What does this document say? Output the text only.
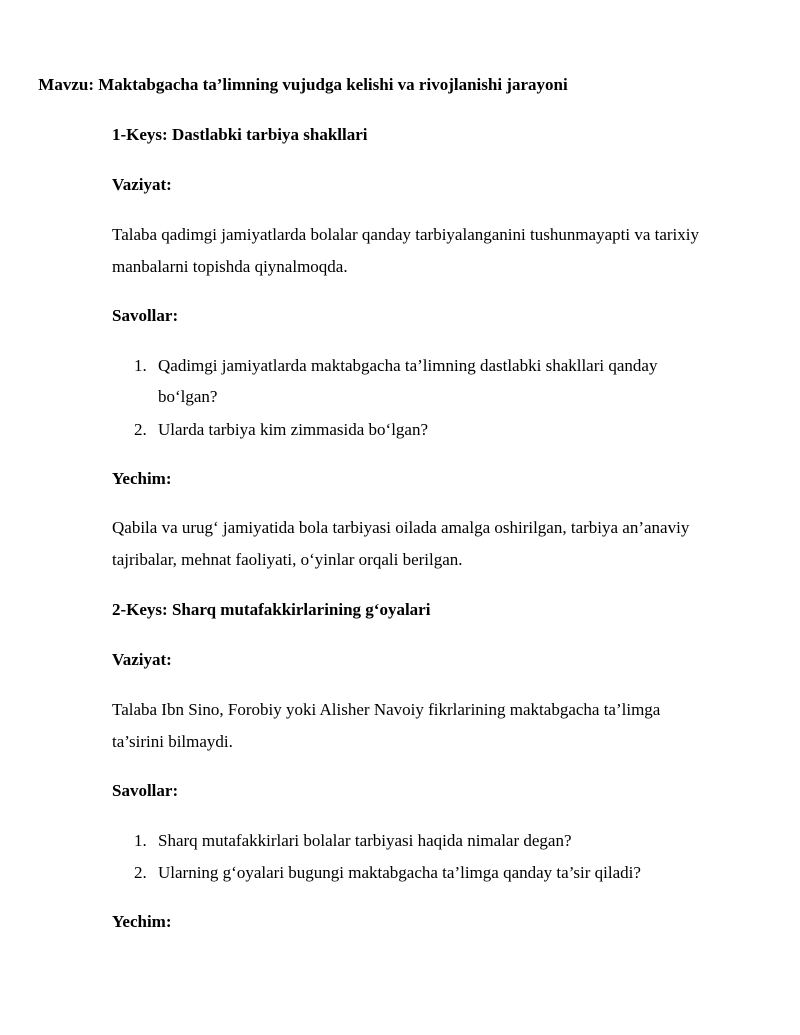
Mavzu: Maktabgacha ta’limning vujudga kelishi va rivojlanishi jarayoni

1-Keys: Dastlabki tarbiya shakllari

Vaziyat:

Talaba qadimgi jamiyatlarda bolalar qanday tarbiyalanganini tushunmayapti va tarixiy

manbalarni topishda qiynalmoqda.

Savollar:

1. Qadimgi jamiyatlarda maktabgacha ta’limning dastlabki shakllari qanday
bo‘lgan?
2. Ularda tarbiya kim zimmasida bo‘lgan?

Yechim:

Qabila va urug‘ jamiyatida bola tarbiyasi oilada amalga oshirilgan, tarbiya an’anaviy

tajribalar, mehnat faoliyati, o‘yinlar orqali berilgan.

2-Keys: Sharq mutafakkirlarining g‘oyalari

Vaziyat:

Talaba Ibn Sino, Forobiy yoki Alisher Navoiy fikrlarining maktabgacha ta’limga

ta’sirini bilmaydi.

Savollar:

1. Sharq mutafakkirlari bolalar tarbiyasi haqida nimalar degan?
2. Ularning g‘oyalari bugungi maktabgacha ta’limga qanday ta’sir qiladi?

Yechim:
